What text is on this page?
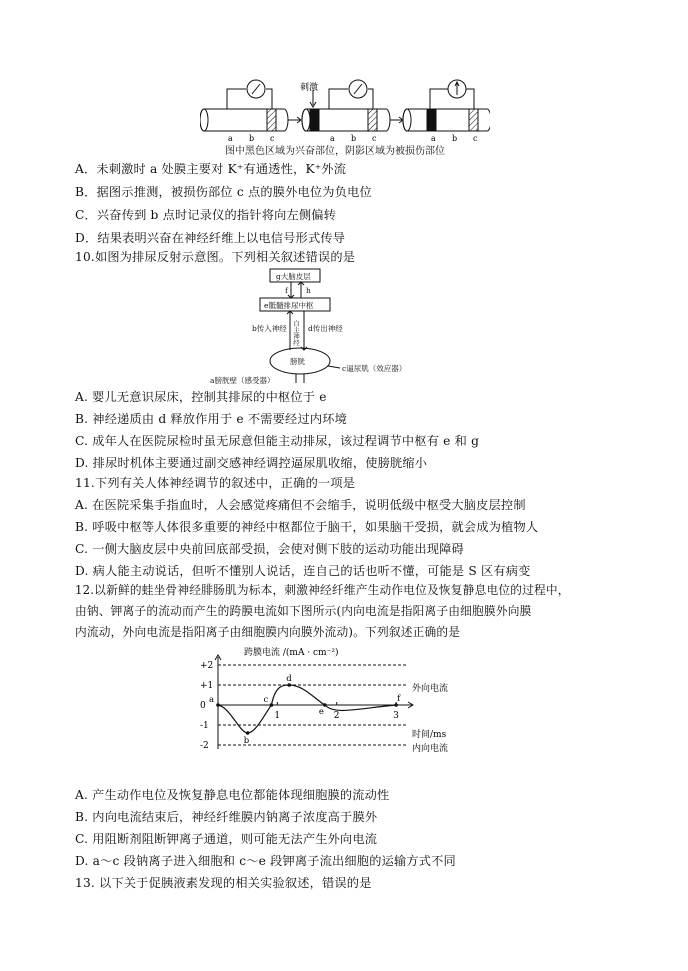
刺激
a b c	a b c	a b c
图中黑色区域为兴奋部位，阴影区域为被损伤部位
A．未刺激时 a 处膜主要对 K⁺有通透性，K⁺外流
B．据图示推测，被损伤部位 c 点的膜外电位为负电位
C．兴奋传到 b 点时记录仪的指针将向左侧偏转
D．结果表明兴奋在神经纤维上以电信号形式传导
10.如图为排尿反射示意图。下列相关叙述错误的是
g大脑皮层
f h
e骶髓排尿中枢
b传入神经	d传出神经
自主神经
膀胱
c逼尿肌（效应器）
a膀胱壁（感受器）
A. 婴儿无意识尿床，控制其排尿的中枢位于 e
B. 神经递质由 d 释放作用于 e 不需要经过内环境
C. 成年人在医院尿检时虽无尿意但能主动排尿，该过程调节中枢有 e 和 g
D. 排尿时机体主要通过副交感神经调控逼尿肌收缩，使膀胱缩小
11.下列有关人体神经调节的叙述中，正确的一项是
A. 在医院采集手指血时，人会感觉疼痛但不会缩手，说明低级中枢受大脑皮层控制
B. 呼吸中枢等人体很多重要的神经中枢都位于脑干，如果脑干受损，就会成为植物人
C. 一侧大脑皮层中央前回底部受损，会使对侧下肢的运动功能出现障碍
D. 病人能主动说话，但听不懂别人说话，连自己的话也听不懂，可能是 S 区有病变
12.以新鲜的蛙坐骨神经腓肠肌为标本，刺激神经纤维产生动作电位及恢复静息电位的过程中，
由钠、钾离子的流动而产生的跨膜电流如下图所示(内向电流是指阳离子由细胞膜外向膜
内流动，外向电流是指阳离子由细胞膜内向膜外流动)。下列叙述正确的是
跨膜电流 /(mA · cm⁻²)
+2
+1
0
-1
-2
1	2	3
a
b
c
d
e
f
时间/ms
外向电流
内向电流
A. 产生动作电位及恢复静息电位都能体现细胞膜的流动性
B. 内向电流结束后，神经纤维膜内钠离子浓度高于膜外
C. 用阻断剂阻断钾离子通道，则可能无法产生外向电流
D. a～c 段钠离子进入细胞和 c～e 段钾离子流出细胞的运输方式不同
13. 以下关于促胰液素发现的相关实验叙述，错误的是
